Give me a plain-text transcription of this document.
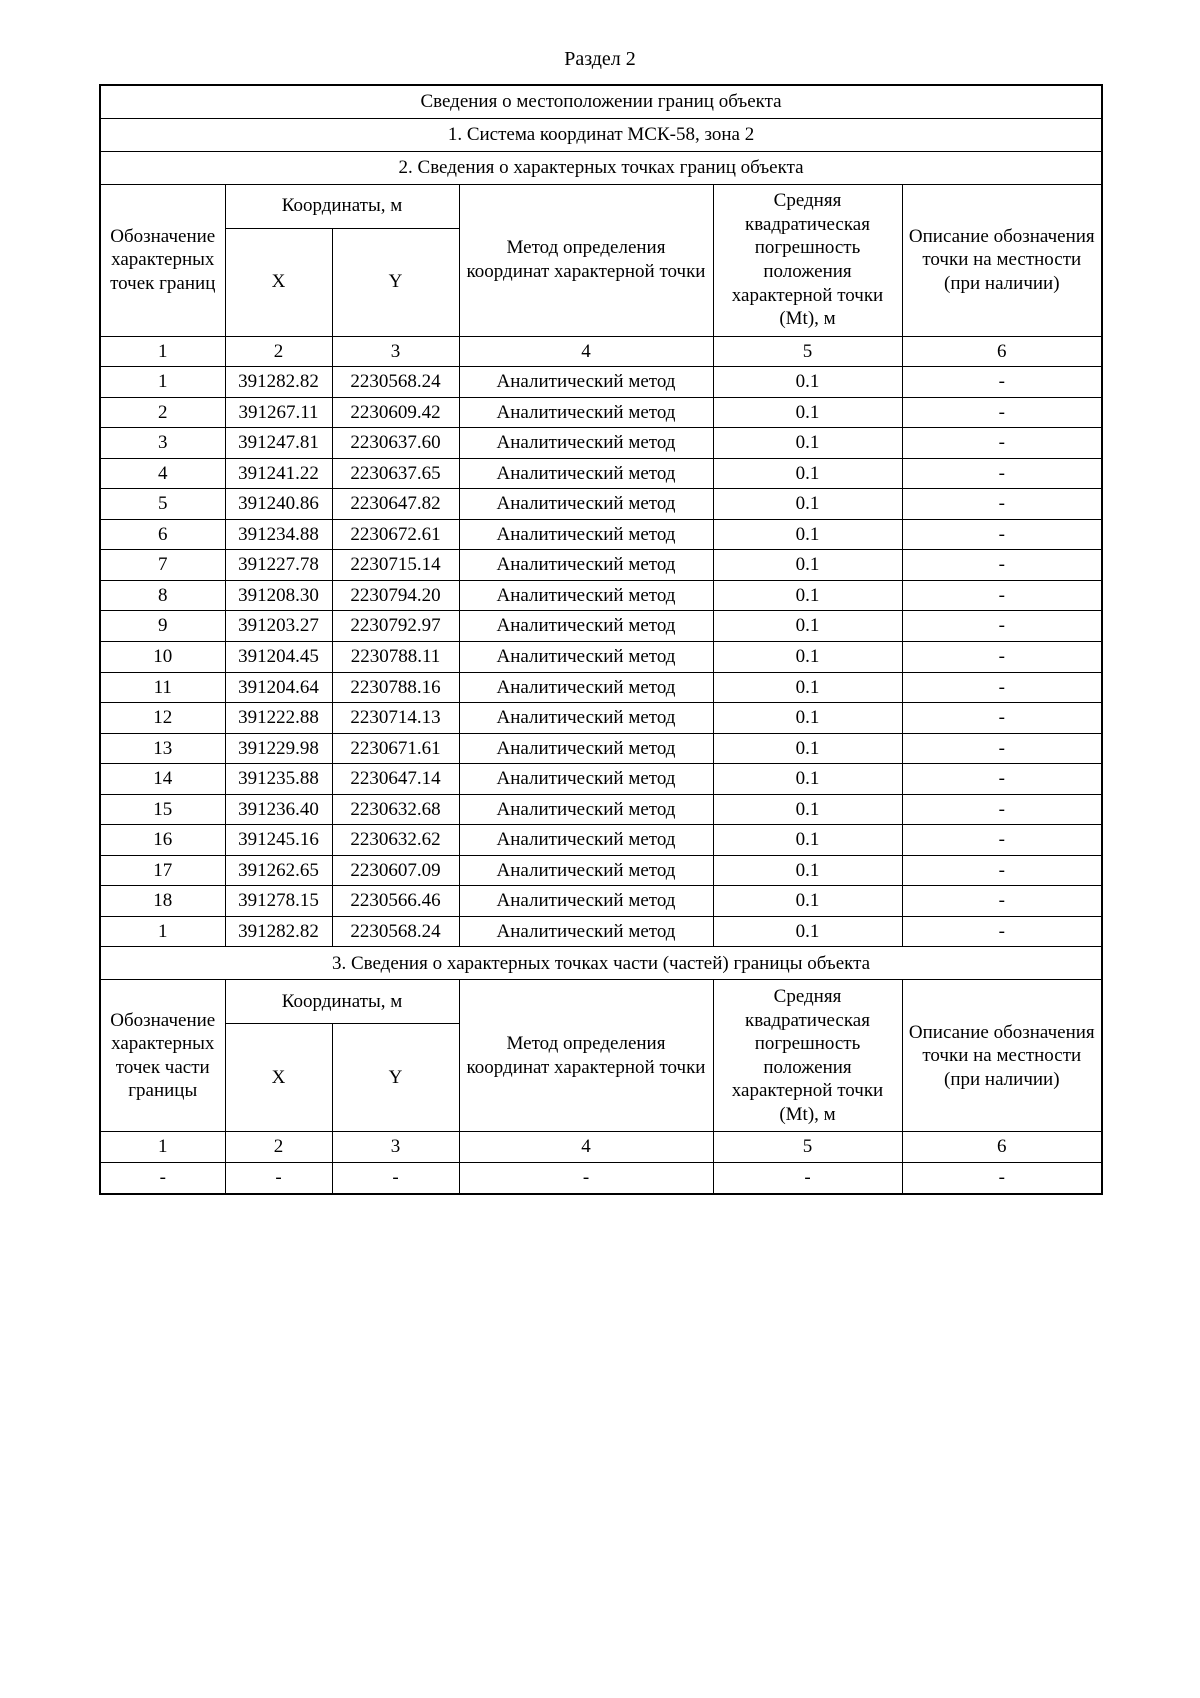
Раздел 2
Сведения о местоположении границ объекта					
1. Система координат МСК-58, зона 2					
2. Сведения о характерных точках границ объекта					
Обозначение характерных точек границ	Координаты, м		Метод определения координат характерной точки	Средняя квадратическая погрешность положения характерной точки (Mt), м	Описание обозначения точки на местности (при наличии)
	X	Y			
1	2	3	4	5	6
1	391282.82	2230568.24	Аналитический метод	0.1	-
2	391267.11	2230609.42	Аналитический метод	0.1	-
3	391247.81	2230637.60	Аналитический метод	0.1	-
4	391241.22	2230637.65	Аналитический метод	0.1	-
5	391240.86	2230647.82	Аналитический метод	0.1	-
6	391234.88	2230672.61	Аналитический метод	0.1	-
7	391227.78	2230715.14	Аналитический метод	0.1	-
8	391208.30	2230794.20	Аналитический метод	0.1	-
9	391203.27	2230792.97	Аналитический метод	0.1	-
10	391204.45	2230788.11	Аналитический метод	0.1	-
11	391204.64	2230788.16	Аналитический метод	0.1	-
12	391222.88	2230714.13	Аналитический метод	0.1	-
13	391229.98	2230671.61	Аналитический метод	0.1	-
14	391235.88	2230647.14	Аналитический метод	0.1	-
15	391236.40	2230632.68	Аналитический метод	0.1	-
16	391245.16	2230632.62	Аналитический метод	0.1	-
17	391262.65	2230607.09	Аналитический метод	0.1	-
18	391278.15	2230566.46	Аналитический метод	0.1	-
1	391282.82	2230568.24	Аналитический метод	0.1	-
3. Сведения о характерных точках части (частей) границы объекта					
Обозначение характерных точек части границы	Координаты, м		Метод определения координат характерной точки	Средняя квадратическая погрешность положения характерной точки (Mt), м	Описание обозначения точки на местности (при наличии)
	X	Y			
1	2	3	4	5	6
-	-	-	-	-	-
